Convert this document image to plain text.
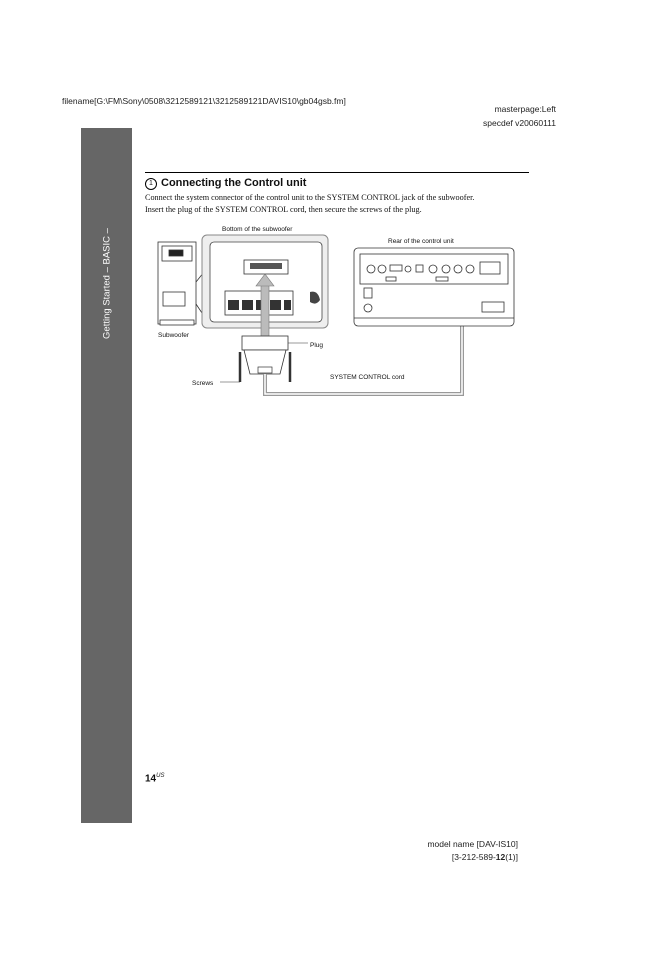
filename[G:\FM\Sony\0508\3212589121\3212589121DAVIS10\gb04gsb.fm]
masterpage:Left
specdef v20060111
Getting Started – BASIC –
1 Connecting the Control unit
Connect the system connector of the control unit to the SYSTEM CONTROL jack of the subwoofer.
Insert the plug of the SYSTEM CONTROL cord, then secure the screws of the plug.
Bottom of the subwoofer
Rear of the control unit
Subwoofer
Plug
Screws
SYSTEM CONTROL cord
$14^{US}$
model name [DAV-IS10]
[3-212-589-12(1)]
